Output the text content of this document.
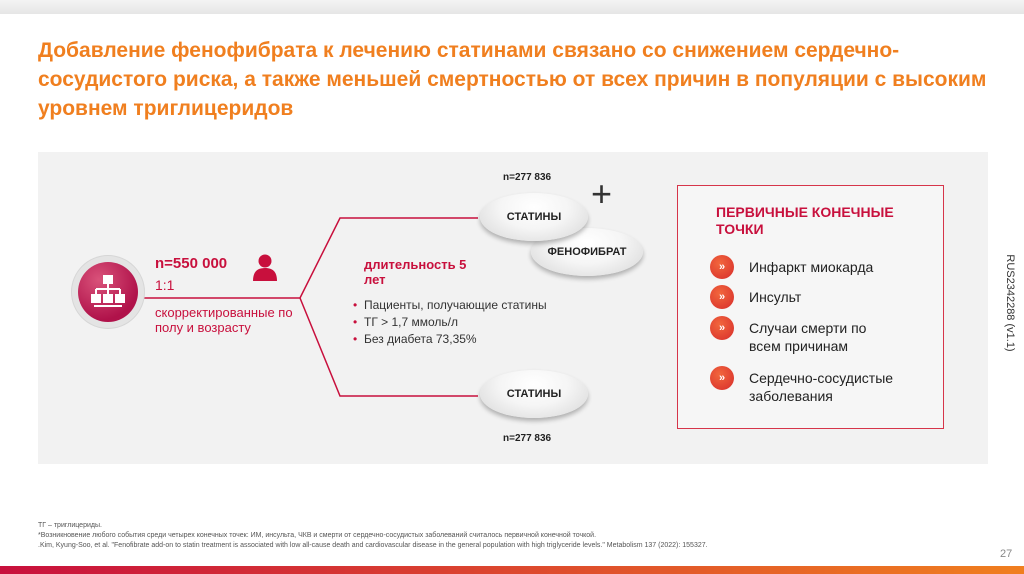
Добавление фенофибрата к лечению статинами связано со снижением сердечно-сосудистого риска, а также меньшей смертностью от всех причин в популяции с высоким уровнем триглицеридов
n=550 000
1:1
скорректированные по полу и возрасту
n=277 836
ФЕНОФИБРАТ
СТАТИНЫ
+
длительность 5 лет
• Пациенты, получающие статины
• ТГ > 1,7 ммоль/л
• Без диабета 73,35%
СТАТИНЫ
n=277 836
ПЕРВИЧНЫЕ КОНЕЧНЫЕ ТОЧКИ
»	Инфаркт миокарда
»	Инсульт
»	Случаи смерти по всем причинам
»	Сердечно-сосудистые заболевания
RUS2342288 (v1.1)
ТГ – триглицериды.
*Возникновение любого события среди четырех конечных точек: ИМ, инсульта, ЧКВ и смерти от сердечно-сосудистых заболеваний считалось первичной конечной точкой.
.Kim, Kyung-Soo, et al. "Fenofibrate add-on to statin treatment is associated with low all-cause death and cardiovascular disease in the general population with high triglyceride levels." Metabolism 137 (2022): 155327.
27
